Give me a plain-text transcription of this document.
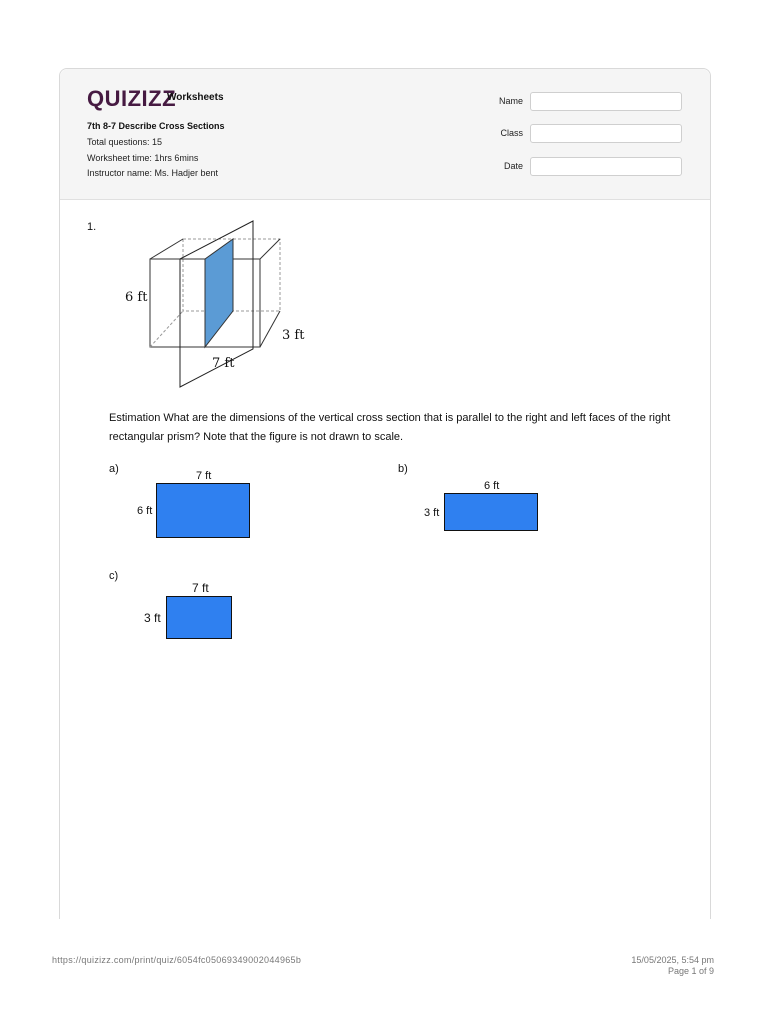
QUIZIZZ
Worksheets
7th 8-7 Describe Cross Sections
Total questions: 15
Worksheet time: 1hrs 6mins
Instructor name: Ms. Hadjer bent
Name
Class
Date
1.
6 ft
3 ft
7 ft
Estimation What are the dimensions of the vertical cross section that is parallel to the right and left faces of the right rectangular prism? Note that the figure is not drawn to scale.
a)
7 ft
6 ft
b)
6 ft
3 ft
c)
7 ft
3 ft
https://quizizz.com/print/quiz/6054fc05069349002044965b	15/05/2025, 5:54 pm
Page 1 of 9
